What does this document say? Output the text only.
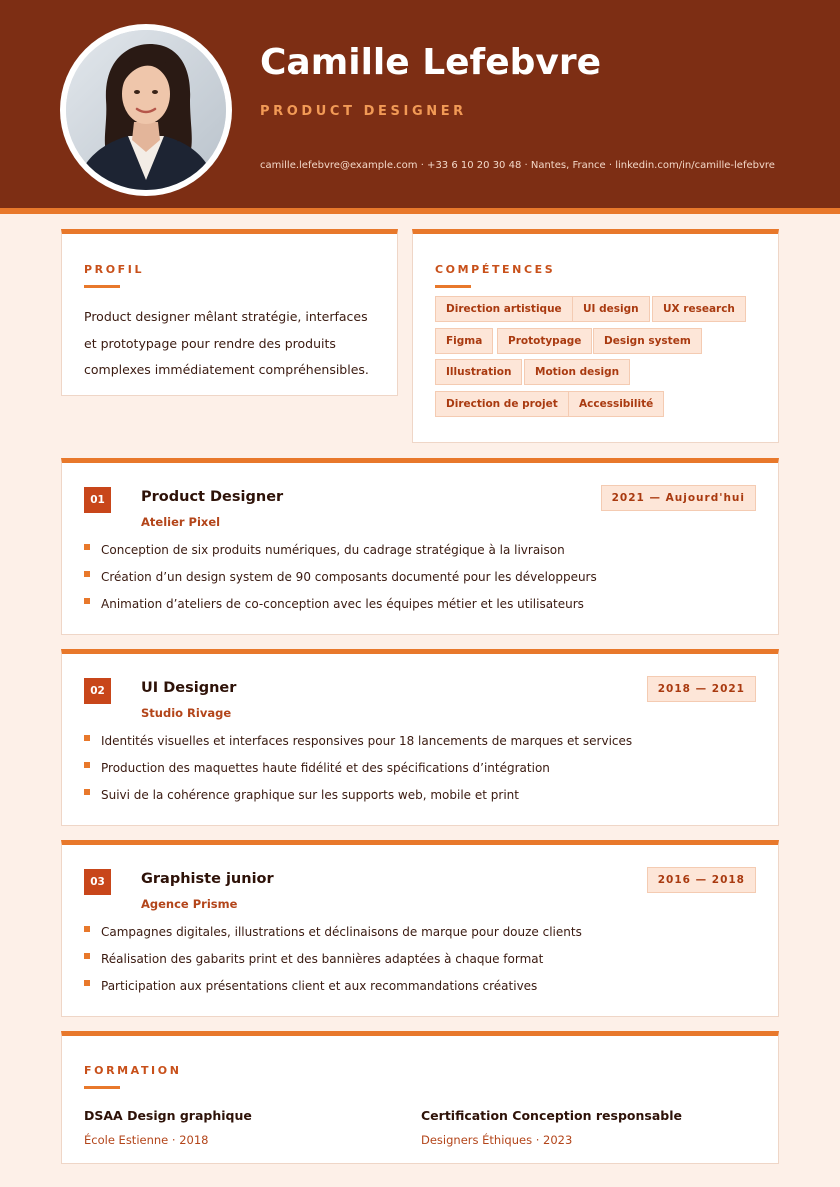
Camille Lefebvre
PRODUCT DESIGNER
camille.lefebvre@example.com · +33 6 10 20 30 48 · Nantes, France · linkedin.com/in/camille-lefebvre
PROFIL
Product designer mêlant stratégie, interfaces et prototypage pour rendre des produits complexes immédiatement compréhensibles.
COMPÉTENCES
Direction artistique	UI design	UX research
Figma	Prototypage	Design system
Illustration	Motion design
Direction de projet	Accessibilité
01	Product Designer
Atelier Pixel
2021 — Aujourd'hui
Conception de six produits numériques, du cadrage stratégique à la livraison
Création d’un design system de 90 composants documenté pour les développeurs
Animation d’ateliers de co-conception avec les équipes métier et les utilisateurs
02	UI Designer
Studio Rivage
2018 — 2021
Identités visuelles et interfaces responsives pour 18 lancements de marques et services
Production des maquettes haute fidélité et des spécifications d’intégration
Suivi de la cohérence graphique sur les supports web, mobile et print
03	Graphiste junior
Agence Prisme
2016 — 2018
Campagnes digitales, illustrations et déclinaisons de marque pour douze clients
Réalisation des gabarits print et des bannières adaptées à chaque format
Participation aux présentations client et aux recommandations créatives
FORMATION
DSAA Design graphique
École Estienne · 2018
Certification Conception responsable
Designers Éthiques · 2023
